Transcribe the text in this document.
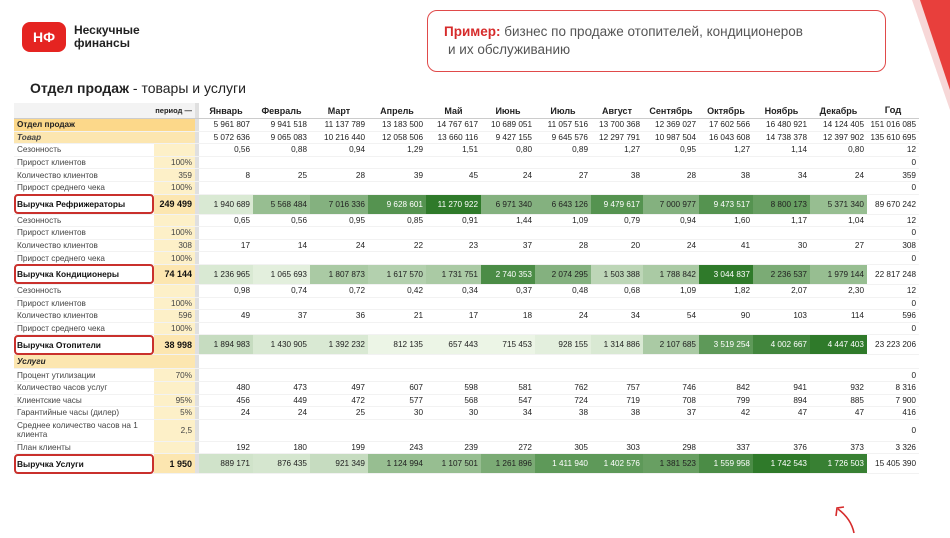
НФ	Нескучные
финансы
Пример: бизнес по продаже отопителей, кондиционеров
и их обслуживанию
Отдел продаж - товары и услуги
период —			Январь	Февраль	Март	Апрель	Май	Июнь	Июль	Август	Сентябрь	Октябрь	Ноябрь	Декабрь	Год
Отдел продаж			5 961 807	9 941 518	11 137 789	13 183 500	14 767 617	10 689 051	11 057 516	13 700 368	12 369 027	17 602 566	16 480 921	14 124 405	151 016 085
Товар			5 072 636	9 065 083	10 216 440	12 058 506	13 660 116	9 427 155	9 645 576	12 297 791	10 987 504	16 043 608	14 738 378	12 397 902	135 610 695
Сезонность			0,56	0,88	0,94	1,29	1,51	0,80	0,89	1,27	0,95	1,27	1,14	0,80	12
Прирост клиентов	100%														0
Количество клиентов	359		8	25	28	39	45	24	27	38	28	38	34	24	359
Прирост среднего чека	100%														0
Выручка Рефрижераторы	249 499		1 940 689	5 568 484	7 016 336	9 628 601	11 270 922	6 971 340	6 643 126	9 479 617	7 000 977	9 473 517	8 800 173	5 371 340	89 670 242
Сезонность			0,65	0,56	0,95	0,85	0,91	1,44	1,09	0,79	0,94	1,60	1,17	1,04	12
Прирост клиентов	100%														0
Количество клиентов	308		17	14	24	22	23	37	28	20	24	41	30	27	308
Прирост среднего чека	100%														0
Выручка Кондиционеры	74 144		1 236 965	1 065 693	1 807 873	1 617 570	1 731 751	2 740 353	2 074 295	1 503 388	1 788 842	3 044 837	2 236 537	1 979 144	22 817 248
Сезонность			0,98	0,74	0,72	0,42	0,34	0,37	0,48	0,68	1,09	1,82	2,07	2,30	12
Прирост клиентов	100%														0
Количество клиентов	596		49	37	36	21	17	18	24	34	54	90	103	114	596
Прирост среднего чека	100%														0
Выручка Отопители	38 998		1 894 983	1 430 905	1 392 232	812 135	657 443	715 453	928 155	1 314 886	2 107 685	3 519 254	4 002 667	4 447 403	23 223 206
Услуги															
Процент утилизации	70%														0
Количество часов услуг			480	473	497	607	598	581	762	757	746	842	941	932	8 316
Клиентские часы	95%		456	449	472	577	568	547	724	719	708	799	894	885	7 900
Гарантийные часы (дилер)	5%		24	24	25	30	30	34	38	38	37	42	47	47	416
Среднее количество часов на 1 клиента	2,5														0
План клиенты			192	180	199	243	239	272	305	303	298	337	376	373	3 326
Выручка Услуги	1 950		889 171	876 435	921 349	1 124 994	1 107 501	1 261 896	1 411 940	1 402 576	1 381 523	1 559 958	1 742 543	1 726 503	15 405 390
